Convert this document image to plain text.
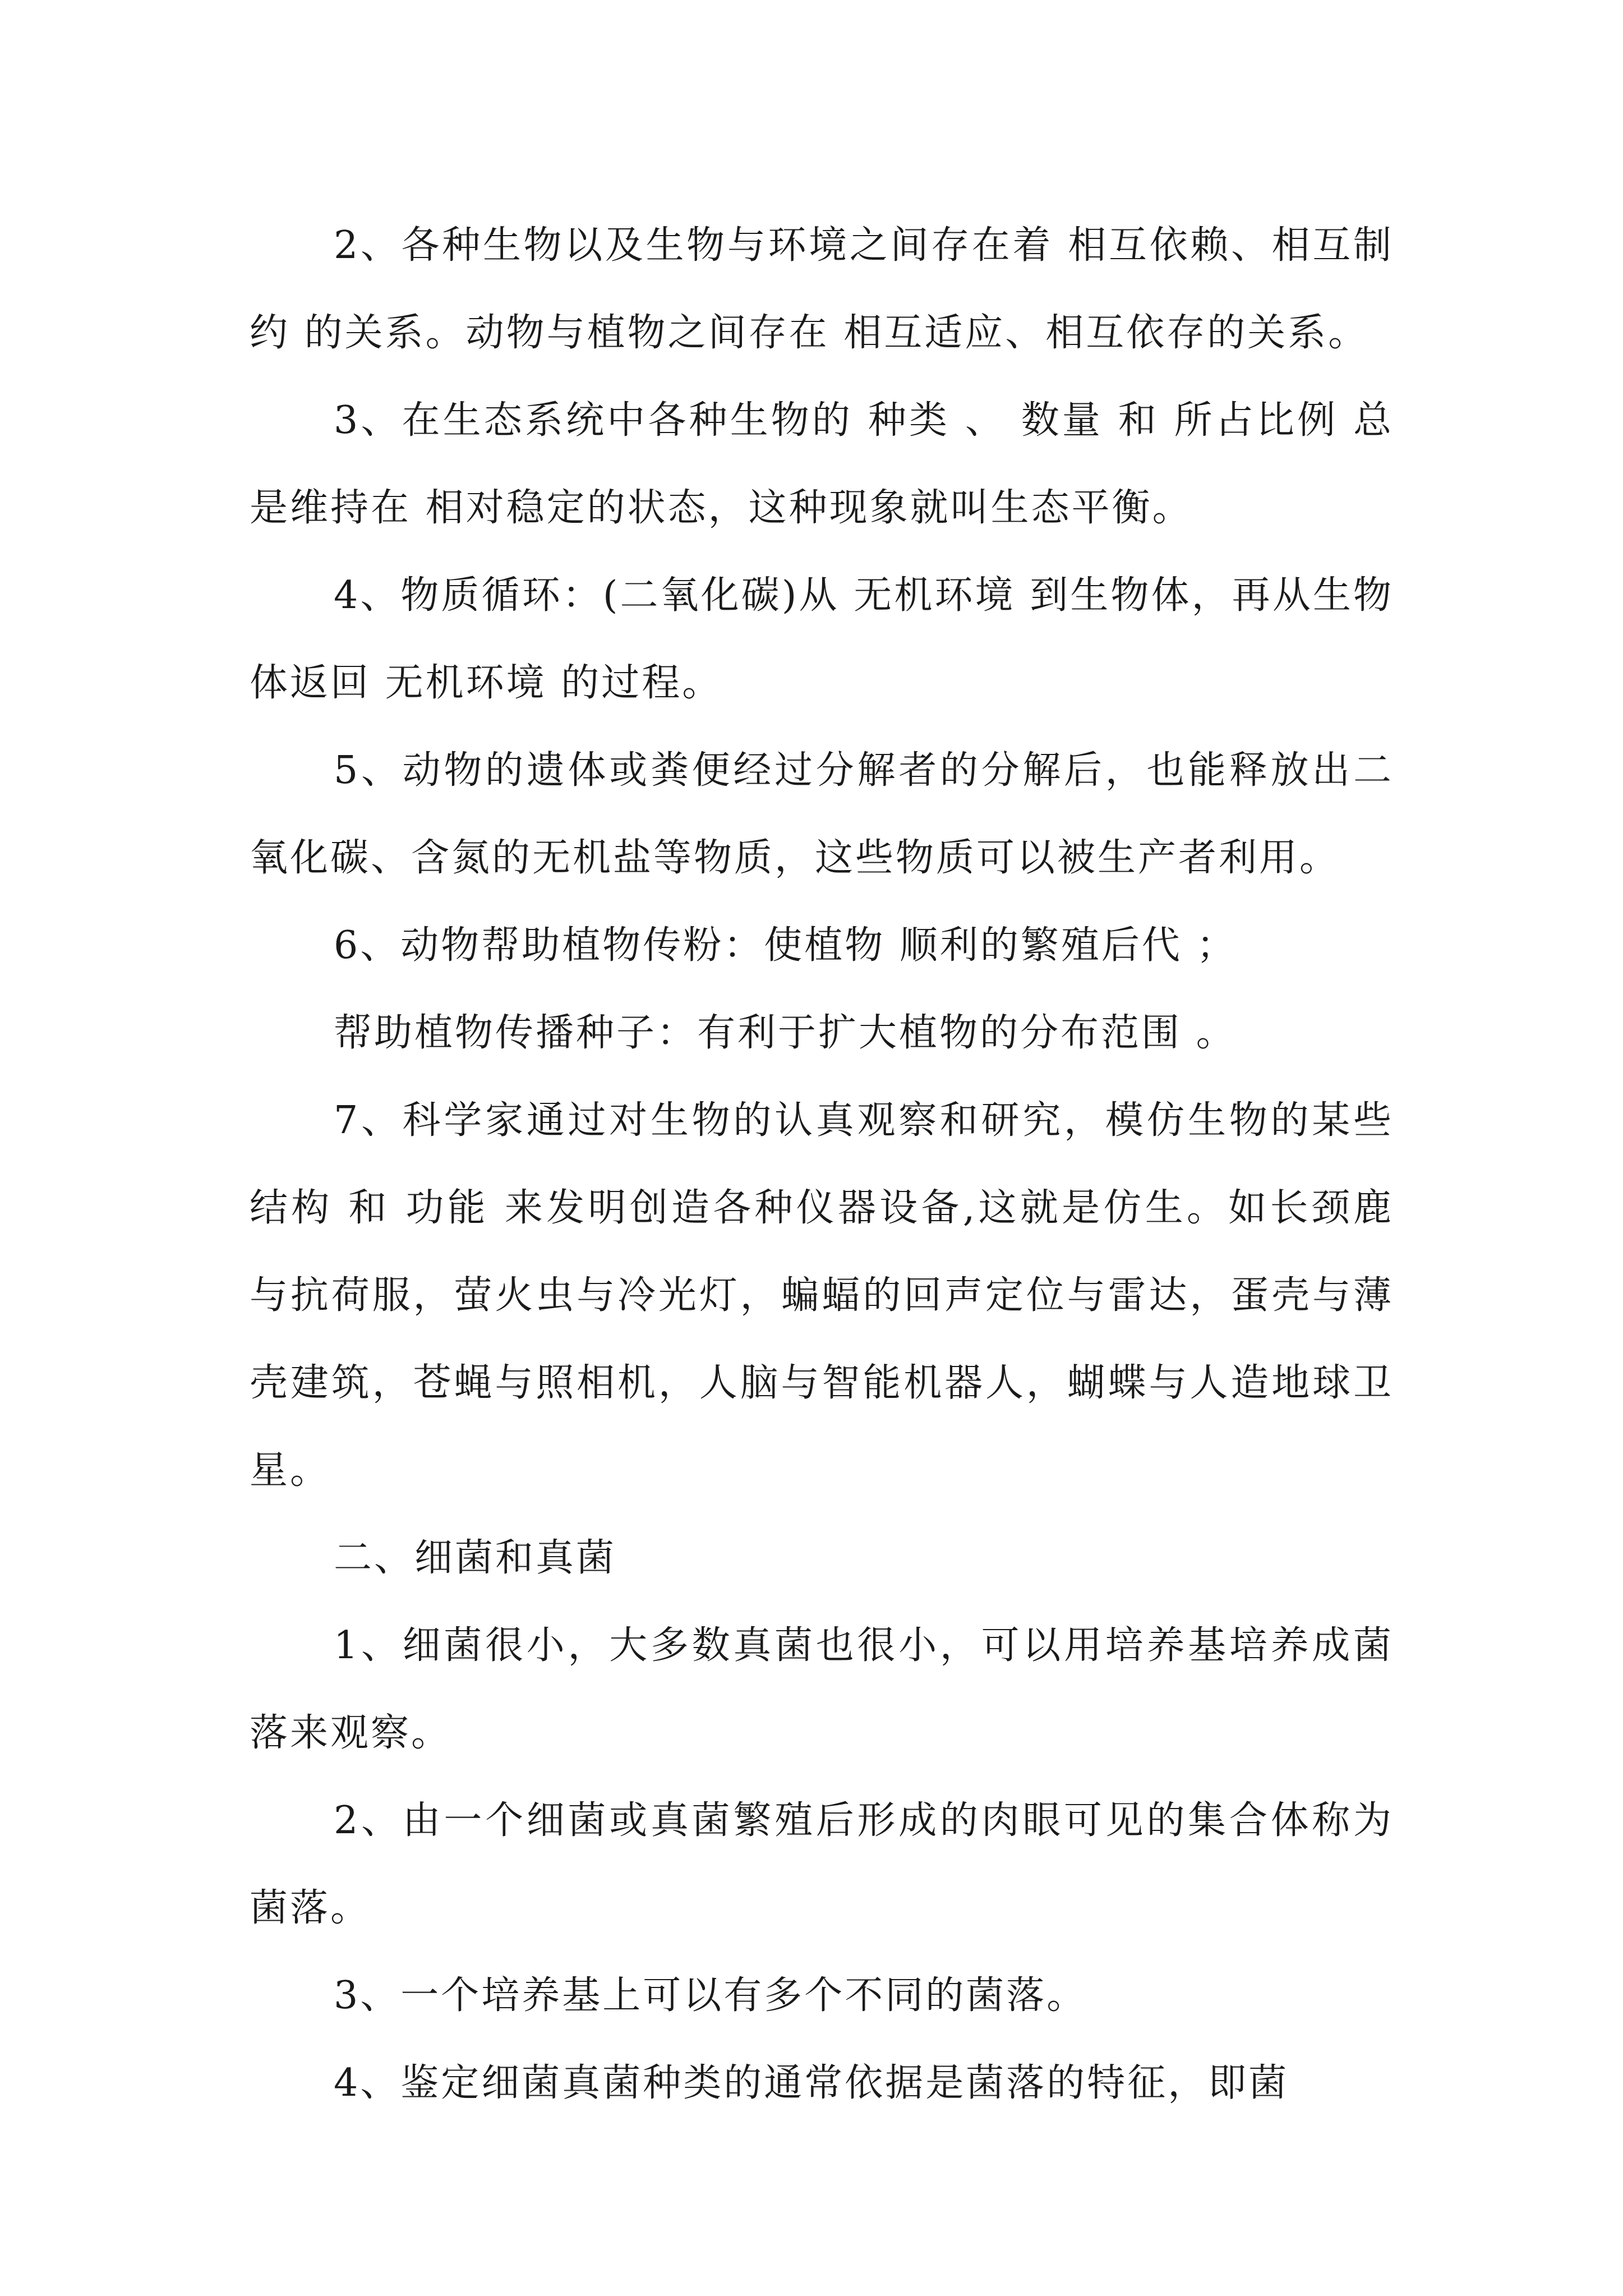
2、各种生物以及生物与环境之间存在着 相互依赖、相互制约 的关系。动物与植物之间存在 相互适应、相互依存的关系。

3、在生态系统中各种生物的 种类 、 数量 和 所占比例 总是维持在 相对稳定的状态，这种现象就叫生态平衡。

4、物质循环：(二氧化碳)从 无机环境 到生物体，再从生物体返回 无机环境 的过程。

5、动物的遗体或粪便经过分解者的分解后，也能释放出二氧化碳、含氮的无机盐等物质，这些物质可以被生产者利用。

6、动物帮助植物传粉：使植物 顺利的繁殖后代 ；

帮助植物传播种子：有利于扩大植物的分布范围 。

7、科学家通过对生物的认真观察和研究，模仿生物的某些 结构 和 功能 来发明创造各种仪器设备,这就是仿生。如长颈鹿与抗荷服，萤火虫与冷光灯，蝙蝠的回声定位与雷达，蛋壳与薄壳建筑，苍蝇与照相机，人脑与智能机器人，蝴蝶与人造地球卫星。

二、细菌和真菌

1、细菌很小，大多数真菌也很小，可以用培养基培养成菌落来观察。

2、由一个细菌或真菌繁殖后形成的肉眼可见的集合体称为菌落。

3、一个培养基上可以有多个不同的菌落。

4、鉴定细菌真菌种类的通常依据是菌落的特征，即菌
